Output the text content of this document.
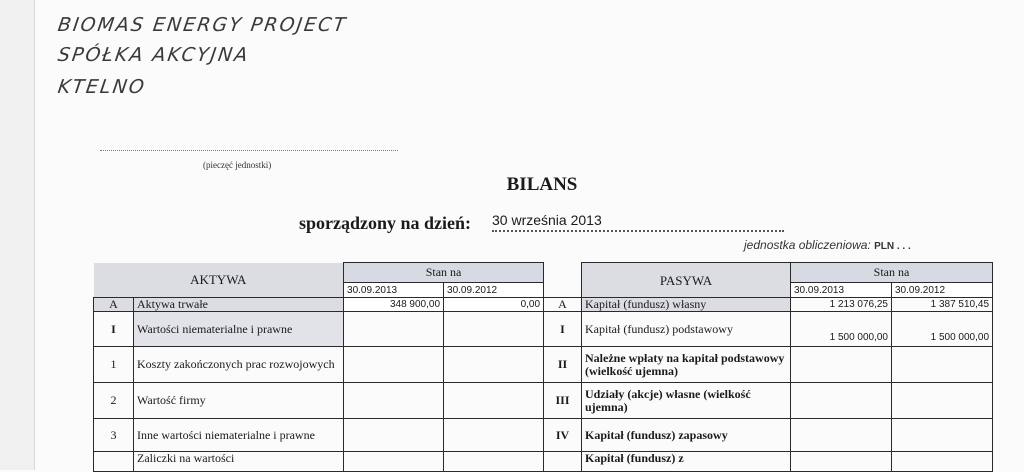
BIOMAS ENERGY PROJECT
SPÓŁKA AKCYJNA
KTELNO
(pieczęć jednostki)
BILANS
sporządzony na dzień: 30 września 2013
jednostka obliczeniowa: PLN . . .
AKTYWA		Stan na	
		30.09.2013	30.09.2012
A	Aktywa trwałe	348 900,00	0,00
I	Wartości niematerialne i prawne		
1	Koszty zakończonych prac rozwojowych		
2	Wartość firmy		
3	Inne wartości niematerialne i prawne		
	Zaliczki na wartości		
	PASYWA	Stan na	
		30.09.2013	30.09.2012
A	Kapitał (fundusz) własny	1 213 076,25	1 387 510,45
I	Kapitał (fundusz) podstawowy	1 500 000,00	1 500 000,00
II	Należne wpłaty na kapitał podstawowy (wielkość ujemna)		
III	Udziały (akcje) własne (wielkość ujemna)		
IV	Kapitał (fundusz) zapasowy		
	Kapitał (fundusz) z		
